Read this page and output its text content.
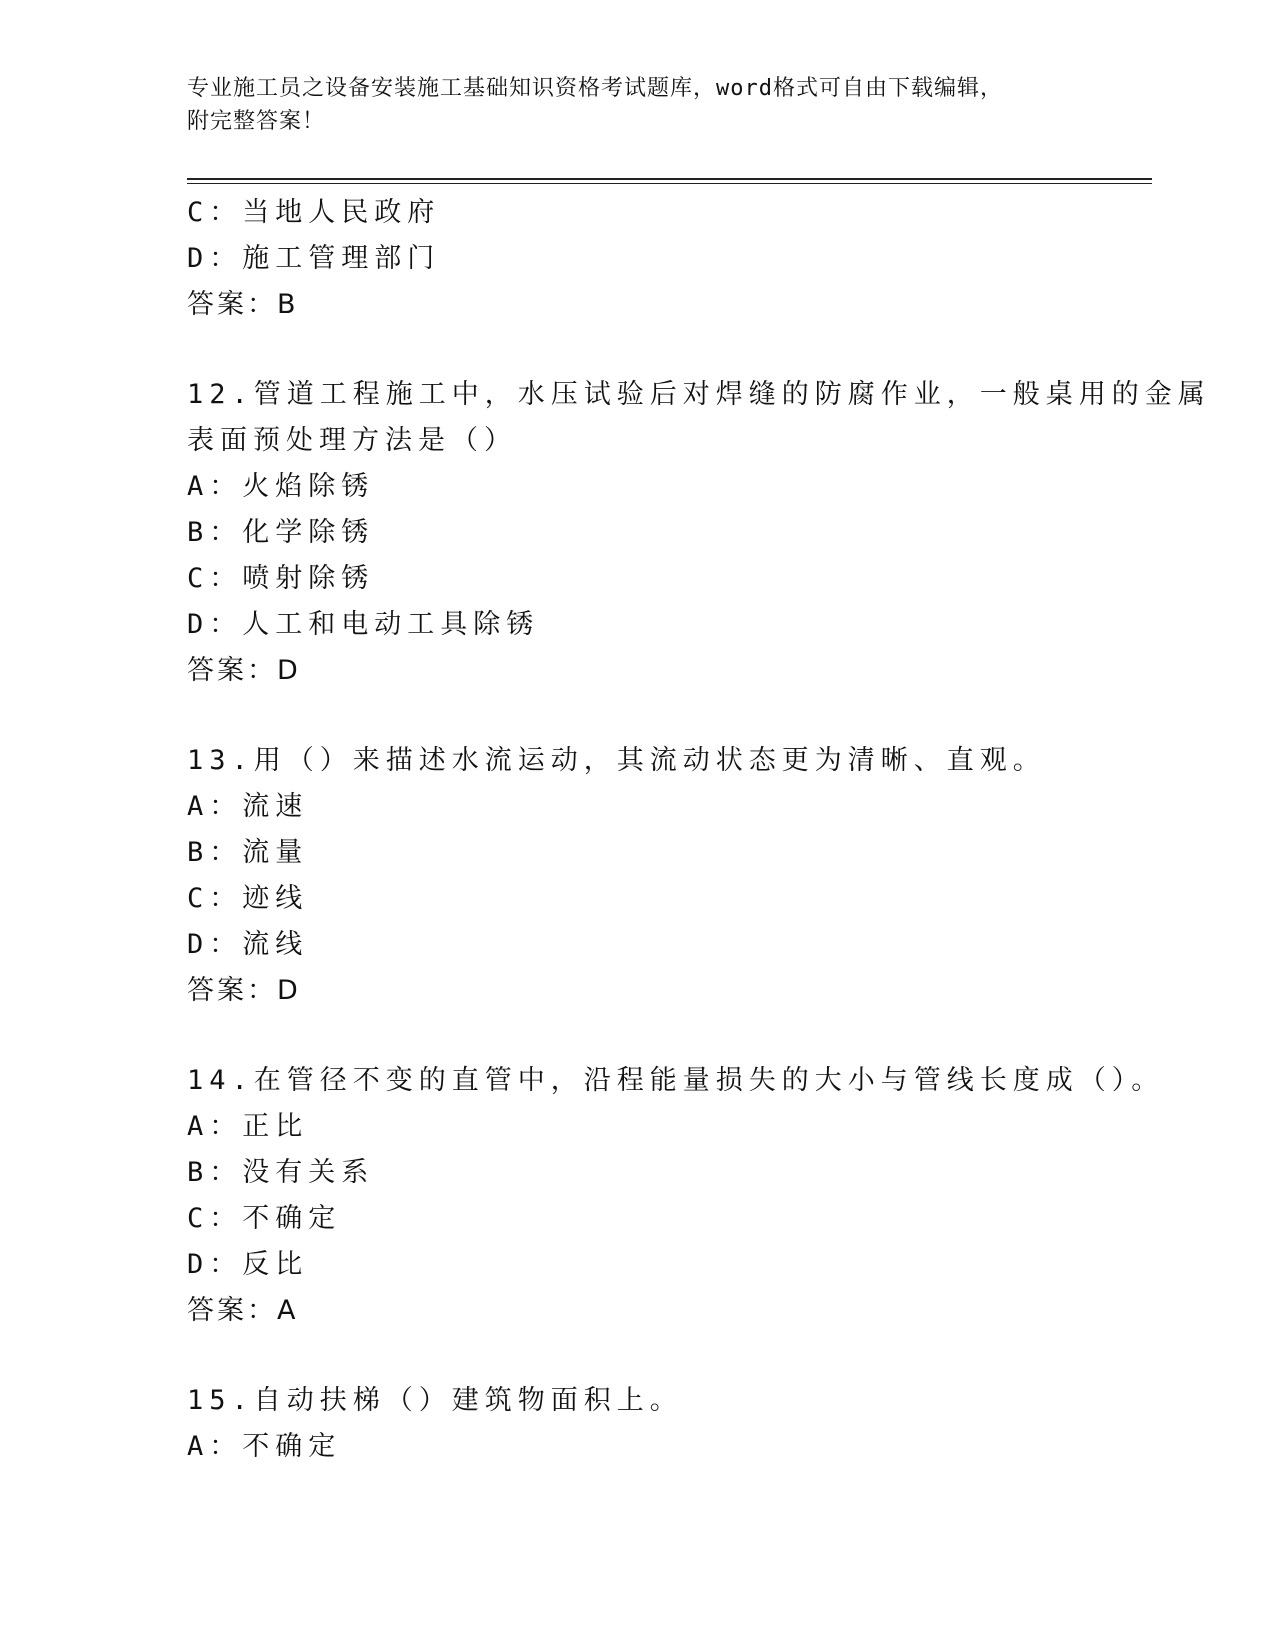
专业施工员之设备安装施工基础知识资格考试题库，word格式可自由下载编辑，
附完整答案！
C：当地人民政府
D：施工管理部门
答案：B
12.管道工程施工中，水压试验后对焊缝的防腐作业，一般桌用的金属
表面预处理方法是（）
A：火焰除锈
B：化学除锈
C：喷射除锈
D：人工和电动工具除锈
答案：D
13.用（）来描述水流运动，其流动状态更为清晰、直观。
A：流速
B：流量
C：迹线
D：流线
答案：D
14.在管径不变的直管中，沿程能量损失的大小与管线长度成（）。
A：正比
B：没有关系
C：不确定
D：反比
答案：A
15.自动扶梯（）建筑物面积上。
A：不确定
